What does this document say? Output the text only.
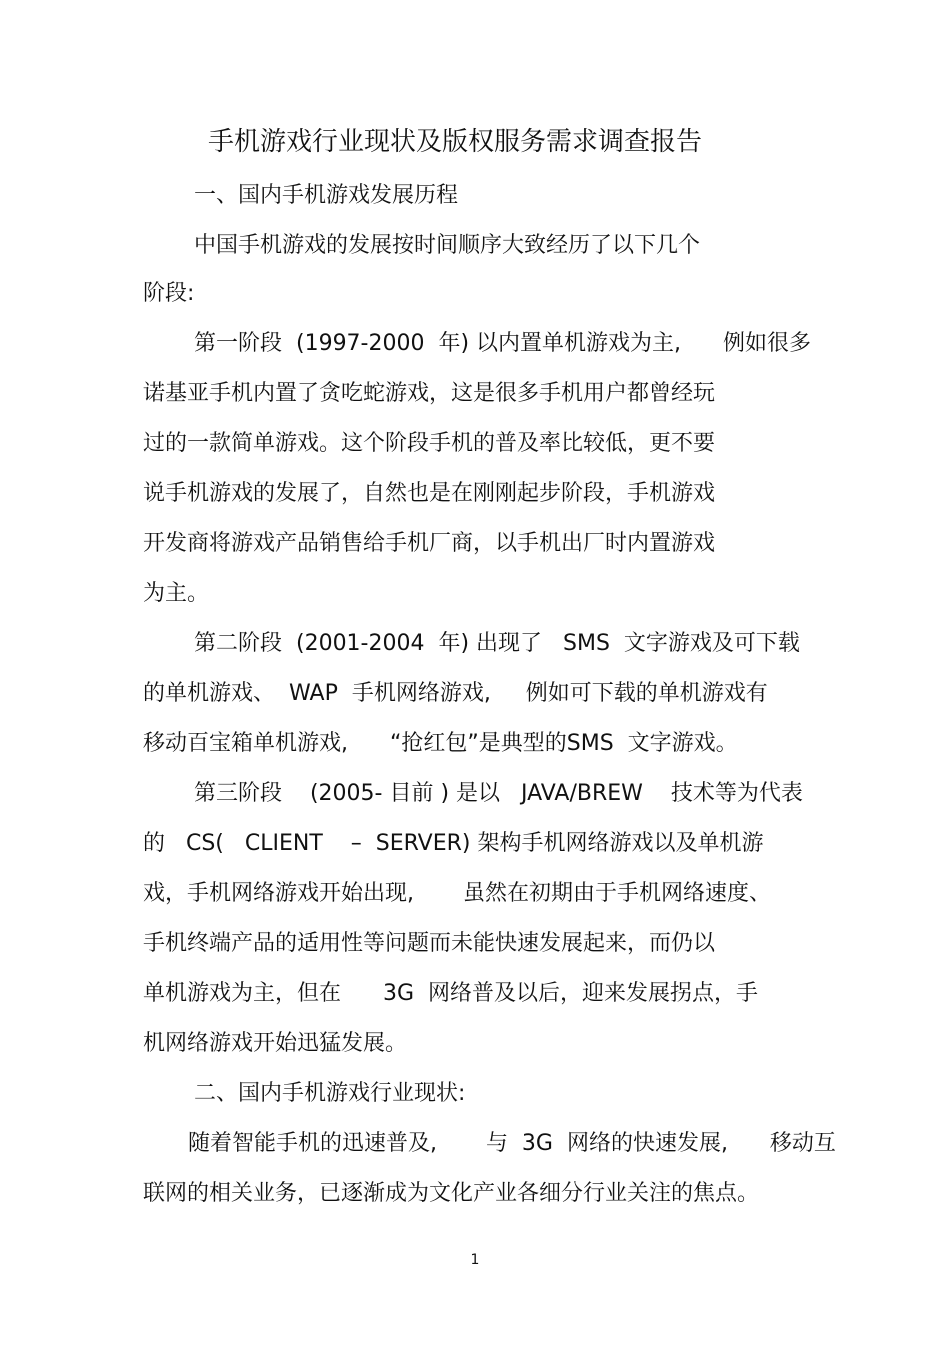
手机游戏行业现状及版权服务需求调查报告

一、国内手机游戏发展历程

中国手机游戏的发展按时间顺序大致经历了以下几个

阶段:

第一阶段  (1997-2000  年) 以内置单机游戏为主,      例如很多

诺基亚手机内置了贪吃蛇游戏，这是很多手机用户都曾经玩

过的一款简单游戏。这个阶段手机的普及率比较低，更不要

说手机游戏的发展了，自然也是在刚刚起步阶段，手机游戏

开发商将游戏产品销售给手机厂商，以手机出厂时内置游戏

为主。

第二阶段  (2001-2004  年) 出现了   SMS  文字游戏及可下载

的单机游戏、  WAP  手机网络游戏,     例如可下载的单机游戏有

移动百宝箱单机游戏,      “抢红包”是典型的SMS  文字游戏。

第三阶段    (2005- 目前 ) 是以   JAVA/BREW    技术等为代表

的   CS(   CLIENT    –  SERVER) 架构手机网络游戏以及单机游

戏，手机网络游戏开始出现,       虽然在初期由于手机网络速度、

手机终端产品的适用性等问题而未能快速发展起来，而仍以

单机游戏为主，但在      3G  网络普及以后，迎来发展拐点，手

机网络游戏开始迅猛发展。

二、国内手机游戏行业现状:

随着智能手机的迅速普及,       与  3G  网络的快速发展,      移动互

联网的相关业务，已逐渐成为文化产业各细分行业关注的焦点。

1
